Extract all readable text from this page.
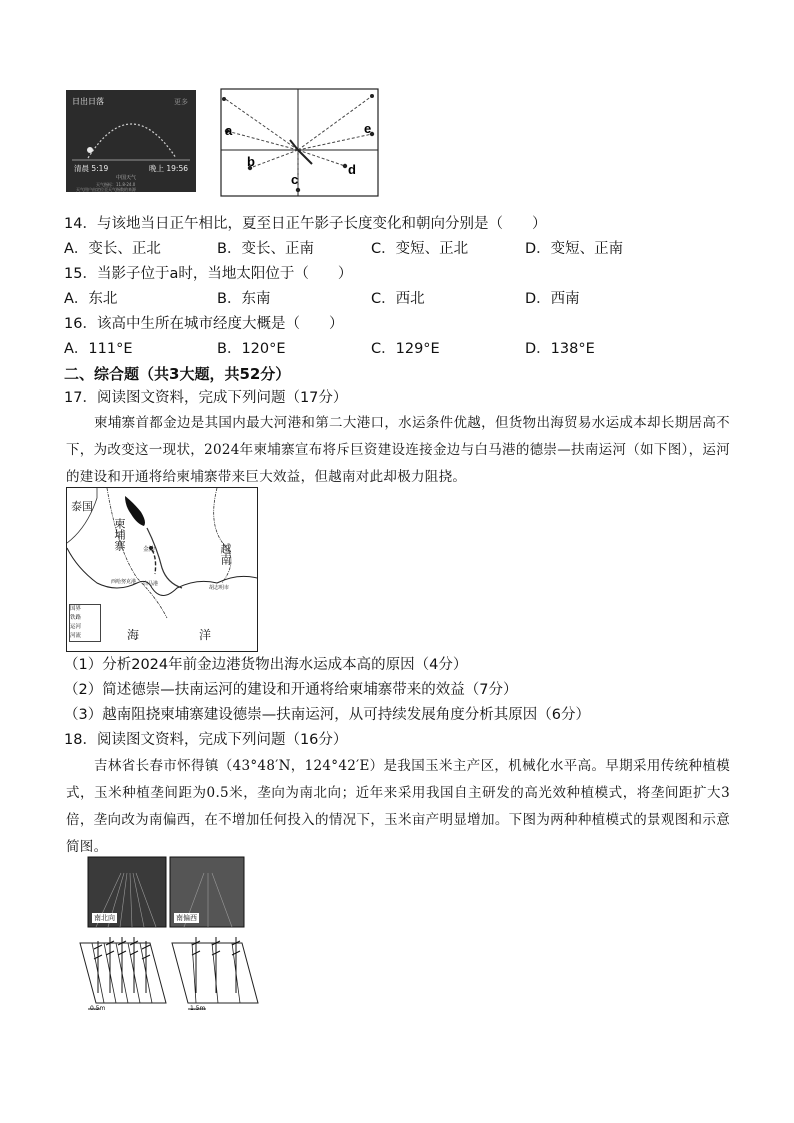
日出日落	更多
清晨 5:19	晚上 19:56
中国天气
天气指标：11.8-24.0
天气用户由定位至天气指数的来源
a
b
c
d
e
14．与该地当日正午相比，夏至日正午影子长度变化和朝向分别是（　　）
A．变长、正北	B．变长、正南	C．变短、正北	D．变短、正南
15．当影子位于a时，当地太阳位于（　　）
A．东北	B．东南	C．西北	D．西南
16．该高中生所在城市经度大概是（　　）
A．111°E	B．120°E	C．129°E	D．138°E
二、综合题（共3大题，共52分）
17．阅读图文资料，完成下列问题（17分）
柬埔寨首都金边是其国内最大河港和第二大港口，水运条件优越，但货物出海贸易水运成本却长期居高不下，为改变这一现状，2024年柬埔寨宣布将斥巨资建设连接金边与白马港的德崇—扶南运河（如下图），运河的建设和开通将给柬埔寨带来巨大效益，但越南对此却极力阻挠。
泰国
柬埔寨
越南
湖
金边
西哈努克港 白马港
胡志明市
海	洋
国界
铁路
运河
河流
（1）分析2024年前金边港货物出海水运成本高的原因（4分）
（2）简述德崇—扶南运河的建设和开通将给柬埔寨带来的效益（7分）
（3）越南阻挠柬埔寨建设德崇—扶南运河，从可持续发展角度分析其原因（6分）
18．阅读图文资料，完成下列问题（16分）
吉林省长春市怀得镇（43°48′N，124°42′E）是我国玉米主产区，机械化水平高。早期采用传统种植模式，玉米种植垄间距为0.5米，垄向为南北向；近年来采用我国自主研发的高光效种植模式，将垄间距扩大3倍，垄向改为南偏西，在不增加任何投入的情况下，玉米亩产明显增加。下图为两种种植模式的景观图和示意简图。
南北向	南偏西
0.5m	1.5m
